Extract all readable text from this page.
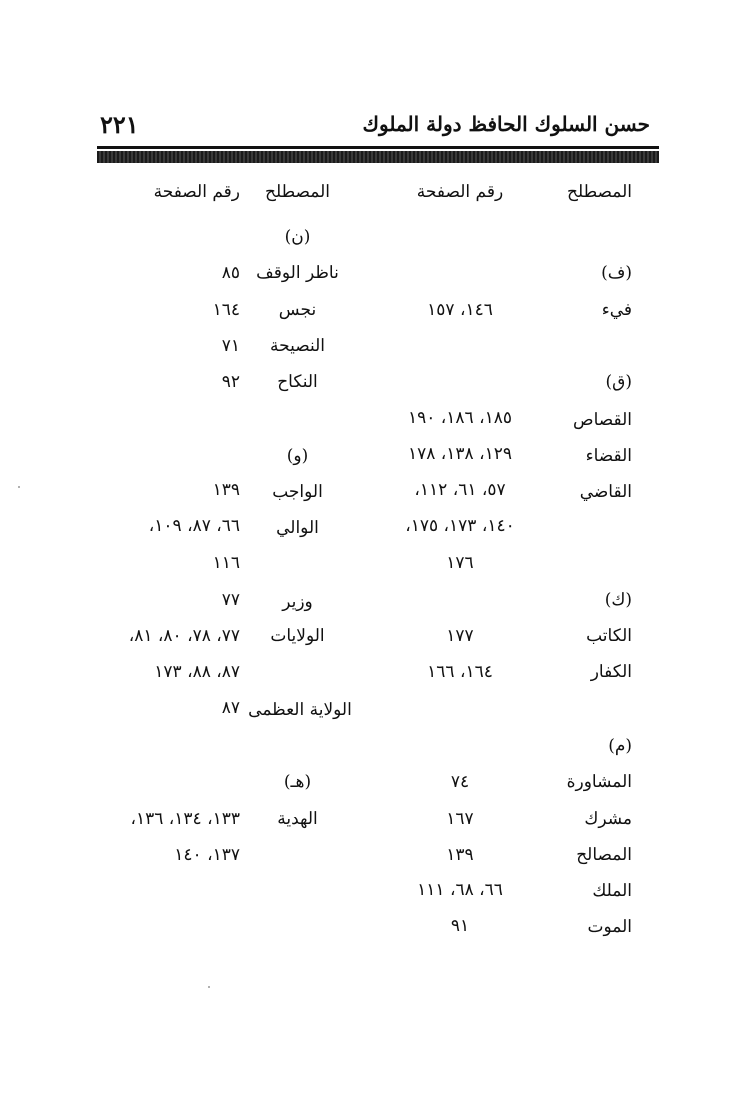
حسن السلوك الحافظ دولة الملوك
٢٢١
المصطلح
رقم الصفحة
المصطلح
رقم الصفحة
(ف)
فيء
١٤٦، ١٥٧
(ق)
القصاص
١٨٥، ١٨٦، ١٩٠
القضاء
١٢٩، ١٣٨، ١٧٨
القاضي
٥٧، ٦١، ١١٢،
١٤٠، ١٧٣، ١٧٥،
١٧٦
(ك)
الكاتب
١٧٧
الكفار
١٦٤، ١٦٦
(م)
المشاورة
٧٤
مشرك
١٦٧
المصالح
١٣٩
الملك
٦٦، ٦٨، ١١١
الموت
٩١
(ن)
ناظر الوقف
٨٥
نجس
١٦٤
النصيحة
٧١
النكاح
٩٢
(و)
الواجب
١٣٩
الوالي
٦٦، ٨٧، ١٠٩،
١١٦
وزير
٧٧
الولايات
٧٧، ٧٨، ٨٠، ٨١،
٨٧، ٨٨، ١٧٣
الولاية العظمى
٨٧
(هـ)
الهدية
١٣٣، ١٣٤، ١٣٦،
١٣٧، ١٤٠
